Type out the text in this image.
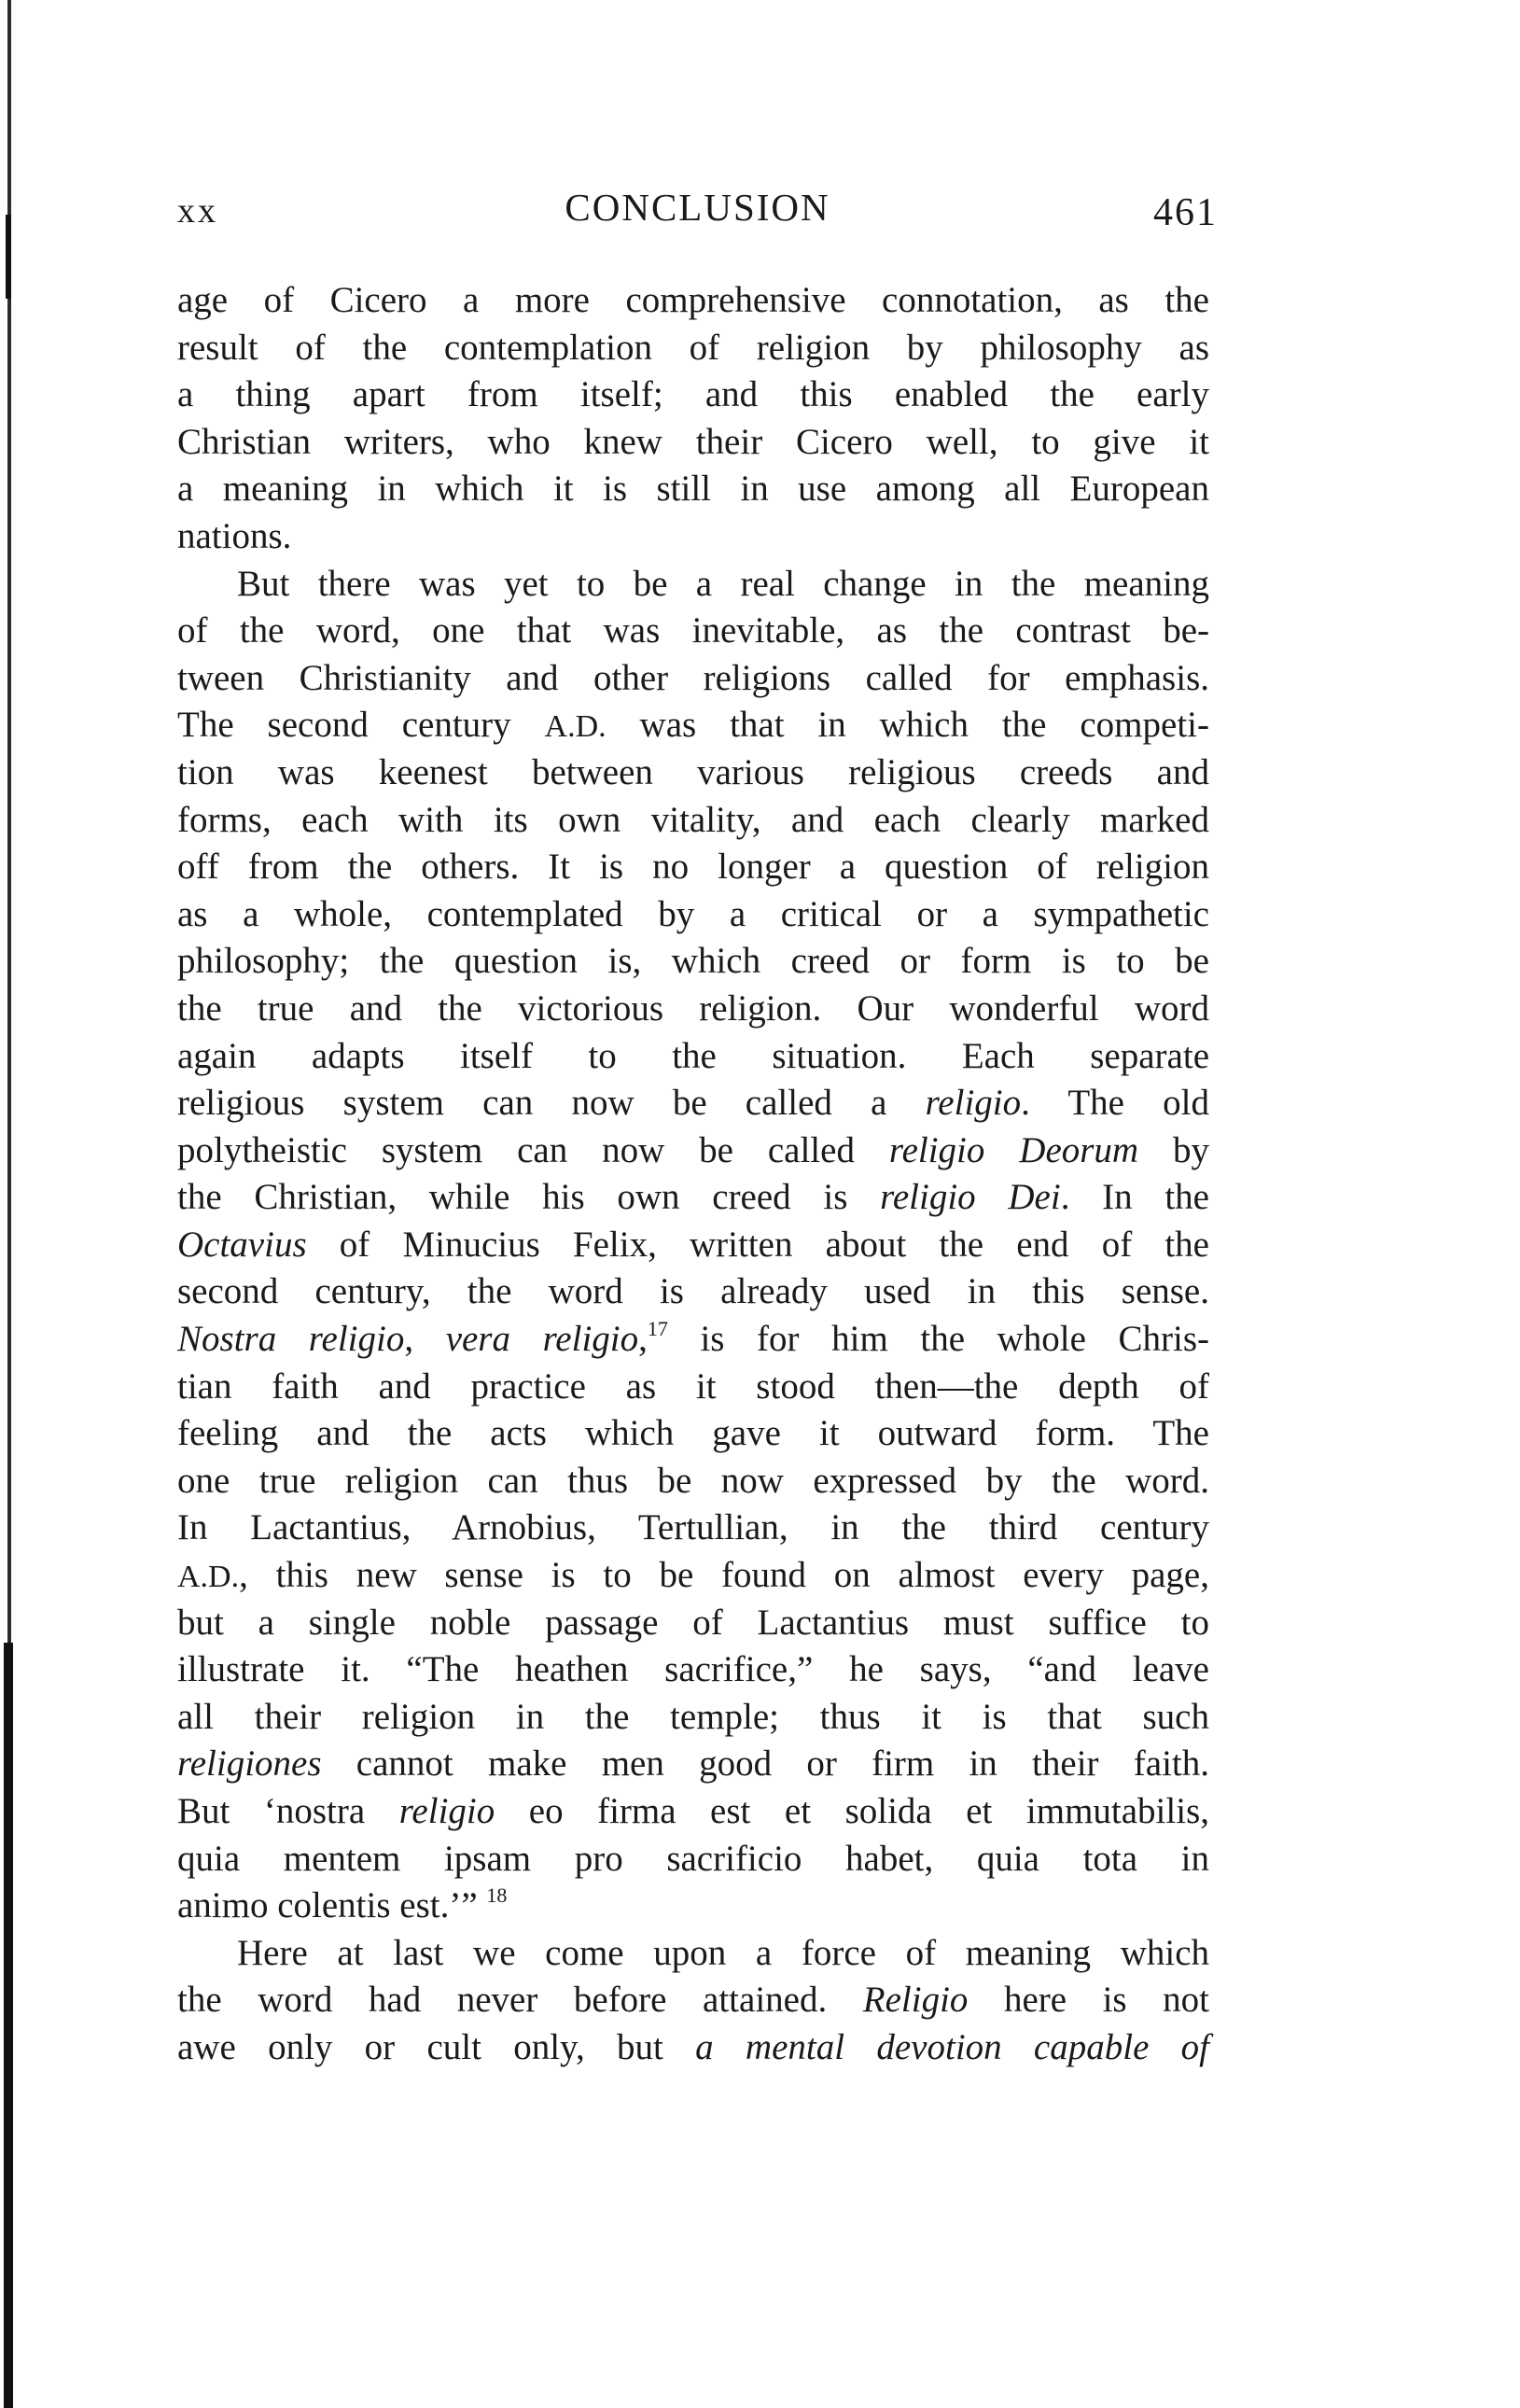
xx	CONCLUSION	461
age of Cicero a more comprehensive connotation, as the
result of the contemplation of religion by philosophy as
a thing apart from itself; and this enabled the early
Christian writers, who knew their Cicero well, to give it
a meaning in which it is still in use among all European
nations.
But there was yet to be a real change in the meaning
of the word, one that was inevitable, as the contrast be-
tween Christianity and other religions called for emphasis.
The second century A.D. was that in which the competi-
tion was keenest between various religious creeds and
forms, each with its own vitality, and each clearly marked
off from the others. It is no longer a question of religion
as a whole, contemplated by a critical or a sympathetic
philosophy; the question is, which creed or form is to be
the true and the victorious religion. Our wonderful word
again adapts itself to the situation. Each separate
religious system can now be called a religio. The old
polytheistic system can now be called religio Deorum by
the Christian, while his own creed is religio Dei. In the
Octavius of Minucius Felix, written about the end of the
second century, the word is already used in this sense.
Nostra religio, vera religio,$^{17}$ is for him the whole Chris-
tian faith and practice as it stood then—the depth of
feeling and the acts which gave it outward form. The
one true religion can thus be now expressed by the word.
In Lactantius, Arnobius, Tertullian, in the third century
A.D., this new sense is to be found on almost every page,
but a single noble passage of Lactantius must suffice to
illustrate it. “The heathen sacrifice,” he says, “and leave
all their religion in the temple; thus it is that such
religiones cannot make men good or firm in their faith.
But ‘nostra religio eo firma est et solida et immutabilis,
quia mentem ipsam pro sacrificio habet, quia tota in
animo colentis est.’” $^{18}$
Here at last we come upon a force of meaning which
the word had never before attained. Religio here is not
awe only or cult only, but a mental devotion capable of
